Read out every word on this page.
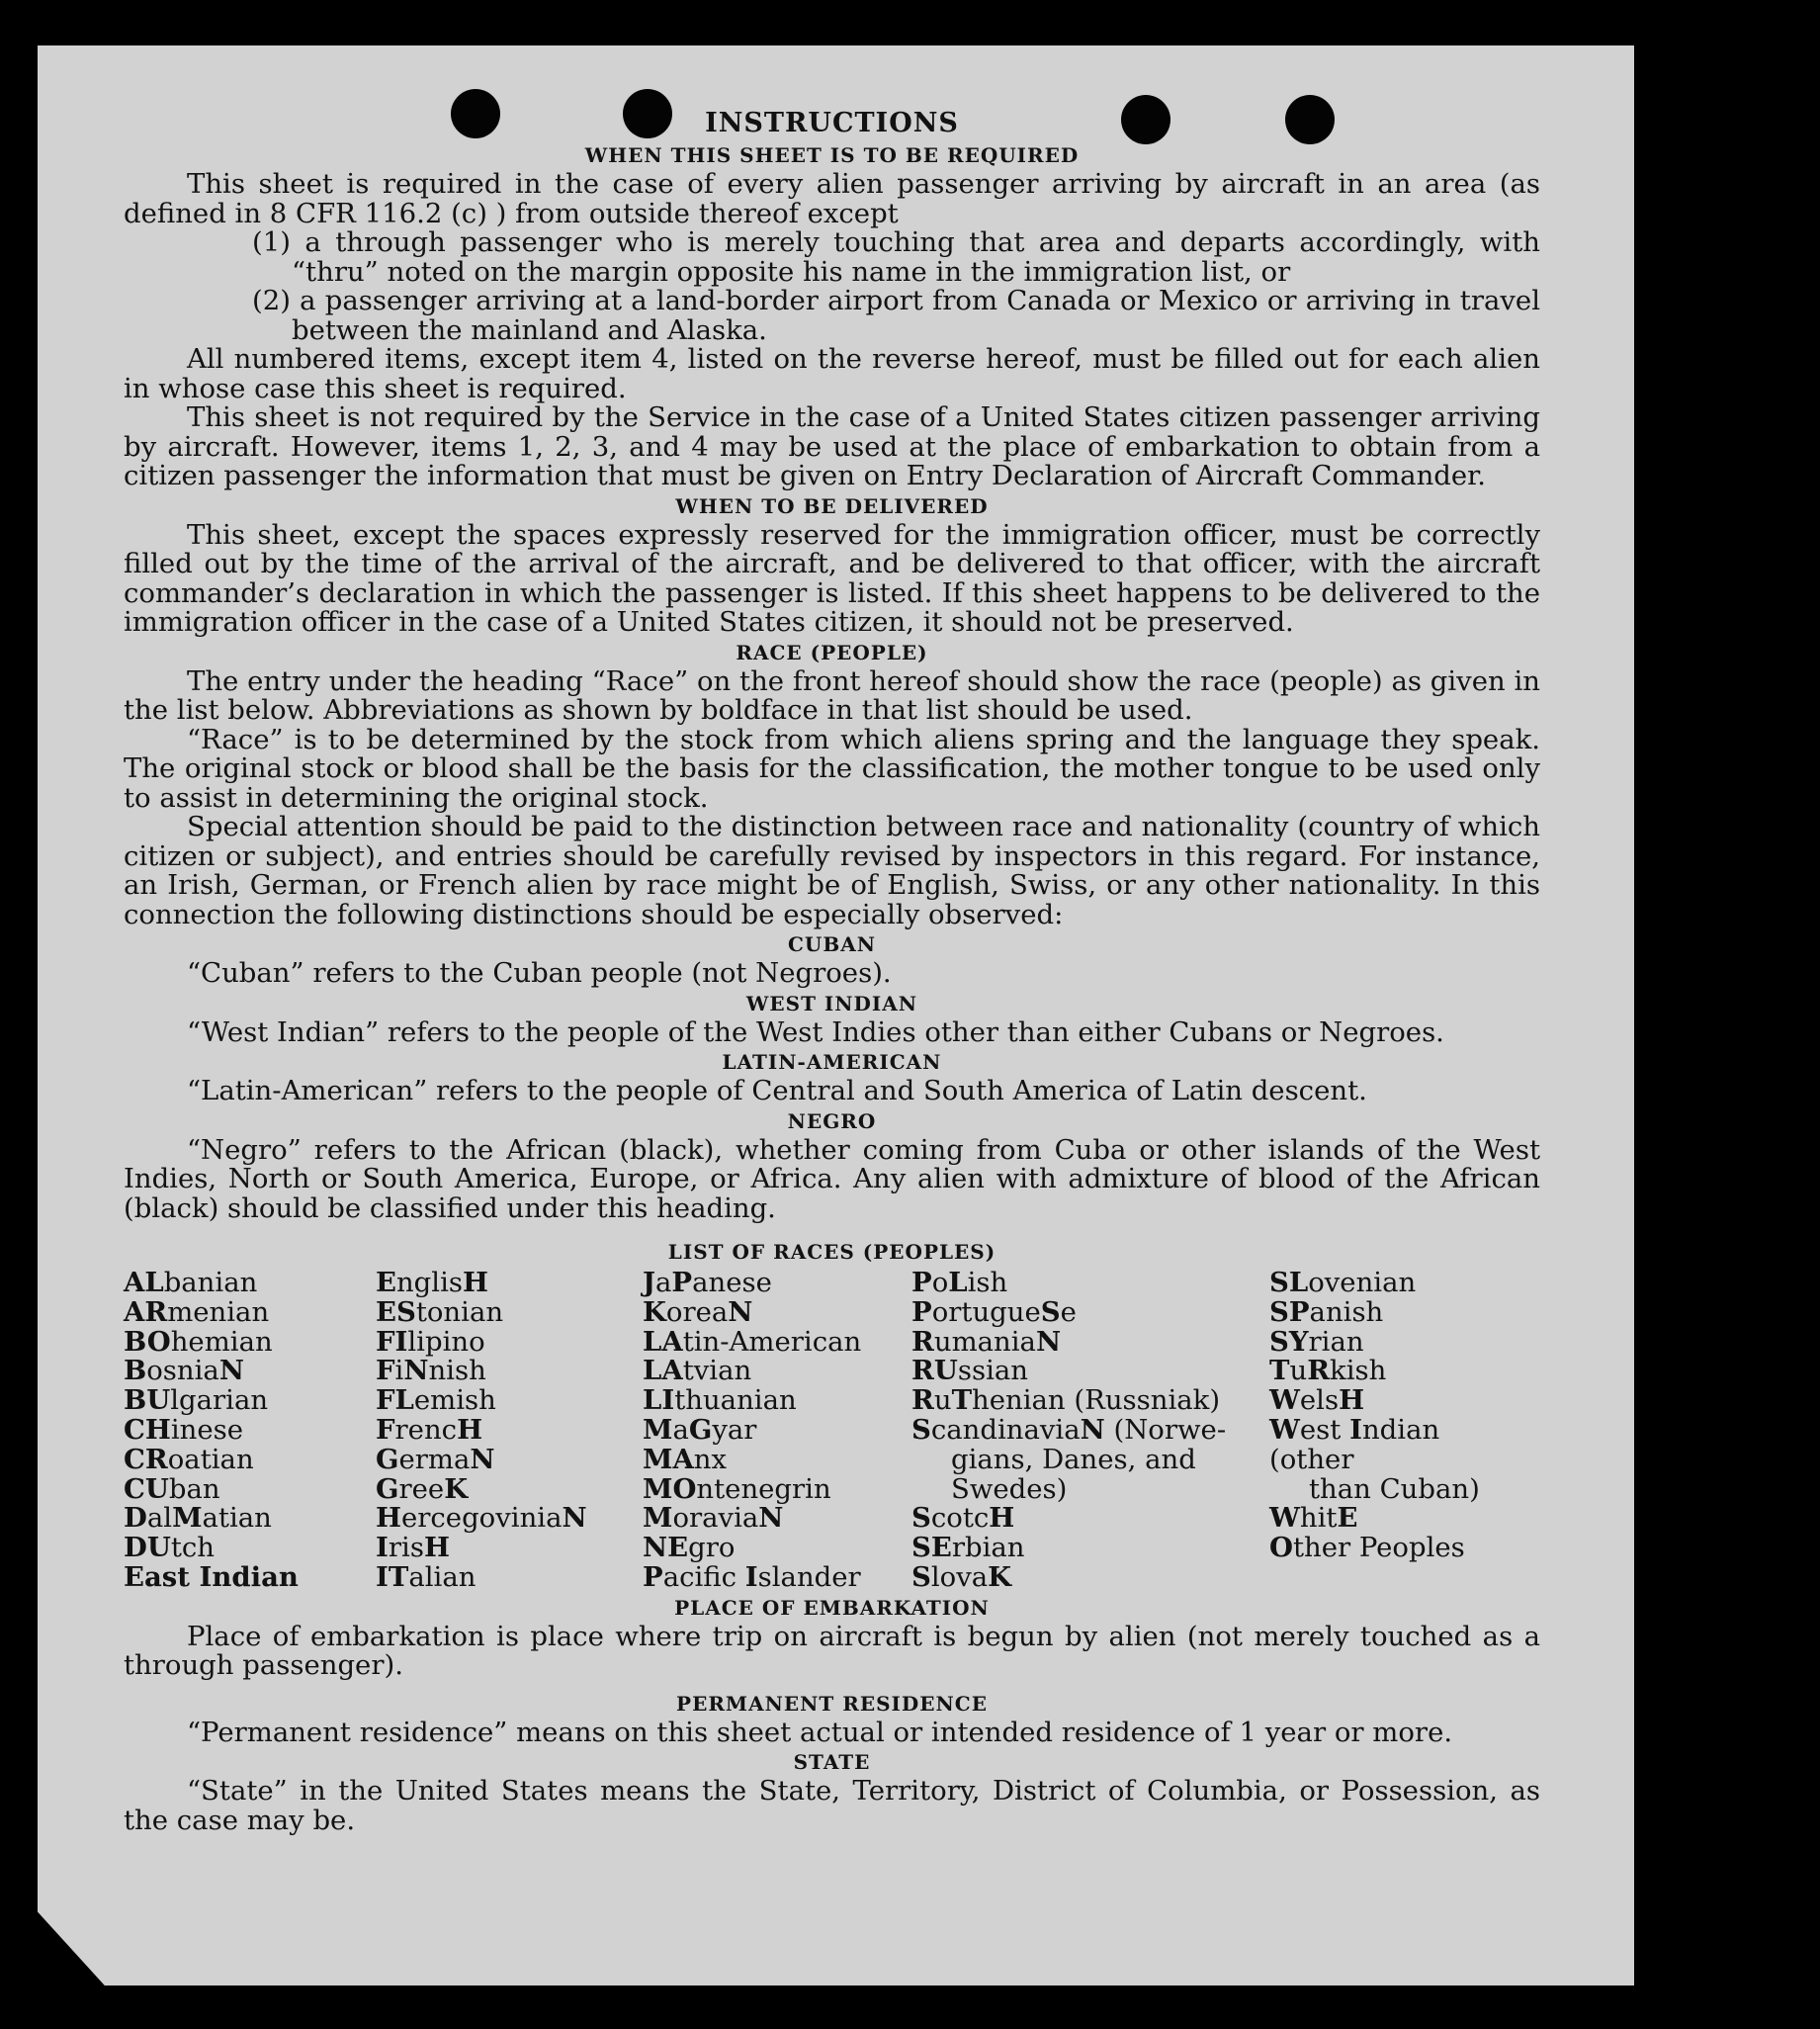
INSTRUCTIONS
WHEN THIS SHEET IS TO BE REQUIRED

This sheet is required in the case of every alien passenger arriving by aircraft in an area (as defined in 8 CFR 116.2 (c) ) from outside thereof except

(1) a through passenger who is merely touching that area and departs accordingly, with “thru” noted on the margin opposite his name in the immigration list, or

(2) a passenger arriving at a land-border airport from Canada or Mexico or arriving in travel between the mainland and Alaska.

All numbered items, except item 4, listed on the reverse hereof, must be filled out for each alien in whose case this sheet is required.

This sheet is not required by the Service in the case of a United States citizen passenger arriving by aircraft. However, items 1, 2, 3, and 4 may be used at the place of embarkation to obtain from a citizen passenger the information that must be given on Entry Declaration of Aircraft Commander.

WHEN TO BE DELIVERED

This sheet, except the spaces expressly reserved for the immigration officer, must be correctly filled out by the time of the arrival of the aircraft, and be delivered to that officer, with the aircraft commander’s declaration in which the passenger is listed. If this sheet happens to be delivered to the immigration officer in the case of a United States citizen, it should not be preserved.

RACE (PEOPLE)

The entry under the heading “Race” on the front hereof should show the race (people) as given in the list below. Abbreviations as shown by boldface in that list should be used.

“Race” is to be determined by the stock from which aliens spring and the language they speak. The original stock or blood shall be the basis for the classification, the mother tongue to be used only to assist in determining the original stock.

Special attention should be paid to the distinction between race and nationality (country of which citizen or subject), and entries should be carefully revised by inspectors in this regard. For instance, an Irish, German, or French alien by race might be of English, Swiss, or any other nationality. In this connection the following distinctions should be especially observed:

CUBAN

“Cuban” refers to the Cuban people (not Negroes).

WEST INDIAN

“West Indian” refers to the people of the West Indies other than either Cubans or Negroes.

LATIN-AMERICAN

“Latin-American” refers to the people of Central and South America of Latin descent.

NEGRO

“Negro” refers to the African (black), whether coming from Cuba or other islands of the West Indies, North or South America, Europe, or Africa. Any alien with admixture of blood of the African (black) should be classified under this heading.

LIST OF RACES (PEOPLES)
ALbanian
ARmenian
BOhemian
BosniaN
BUlgarian
CHinese
CRoatian
CUban
DalMatian
DUtch
East Indian
EnglisH
EStonian
FIlipino
FiNnish
FLemish
FrencH
GermaN
GreeK
HercegoviniaN
IrisH
ITalian
JaPanese
KoreaN
LAtin-American
LAtvian
LIthuanian
MaGyar
MAnx
MOntenegrin
MoraviaN
NEgro
Pacific Islander
PoLish
PortugueSe
RumaniaN
RUssian
RuThenian (Russniak)
ScandinaviaN (Norwe-
gians, Danes, and Swedes)
ScotcH
SErbian
SlovaK
SLovenian
SPanish
SYrian
TuRkish
WelsH
West Indian (other
than Cuban)
WhitE
Other Peoples
PLACE OF EMBARKATION

Place of embarkation is place where trip on aircraft is begun by alien (not merely touched as a through passenger).

PERMANENT RESIDENCE

“Permanent residence” means on this sheet actual or intended residence of 1 year or more.

STATE

“State” in the United States means the State, Territory, District of Columbia, or Possession, as the case may be.
